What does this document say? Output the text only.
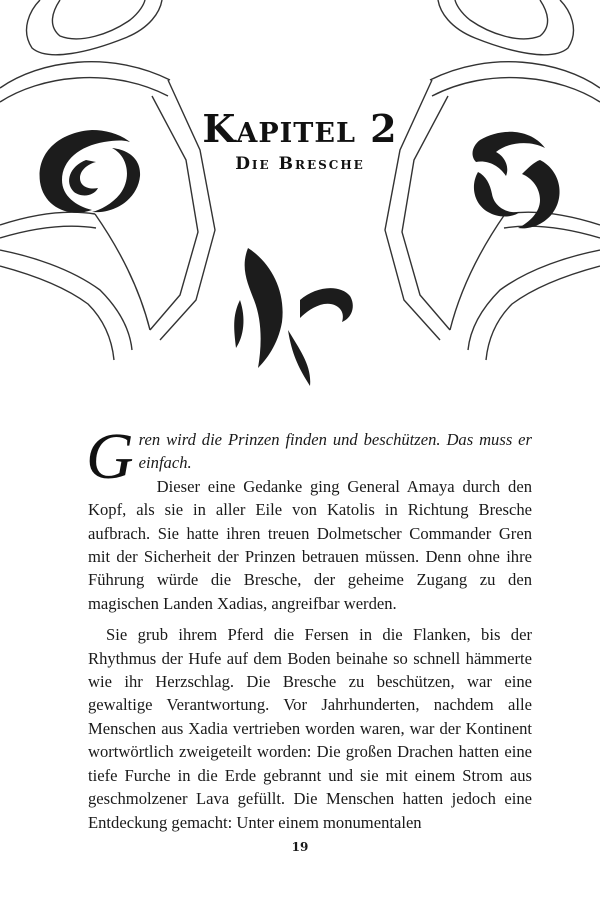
Kapitel 2
Die Bresche

Gren wird die Prinzen finden und beschützen. Das muss er einfach.

Dieser eine Gedanke ging General Amaya durch den Kopf, als sie in aller Eile von Katolis in Richtung Bresche aufbrach. Sie hatte ihren treuen Dolmetscher Commander Gren mit der Sicherheit der Prinzen betrauen müssen. Denn ohne ihre Führung würde die Bresche, der geheime Zugang zu den magischen Landen Xadias, angreifbar werden.

Sie grub ihrem Pferd die Fersen in die Flanken, bis der Rhythmus der Hufe auf dem Boden beinahe so schnell hämmerte wie ihr Herzschlag. Die Bresche zu beschützen, war eine gewaltige Verantwortung. Vor Jahrhunderten, nachdem alle Menschen aus Xadia vertrieben worden waren, war der Kontinent wortwörtlich zweigeteilt worden: Die großen Drachen hatten eine tiefe Furche in die Erde gebrannt und sie mit einem Strom aus geschmolzener Lava gefüllt. Die Menschen hatten jedoch eine Entdeckung gemacht: Unter einem monumentalen

19
